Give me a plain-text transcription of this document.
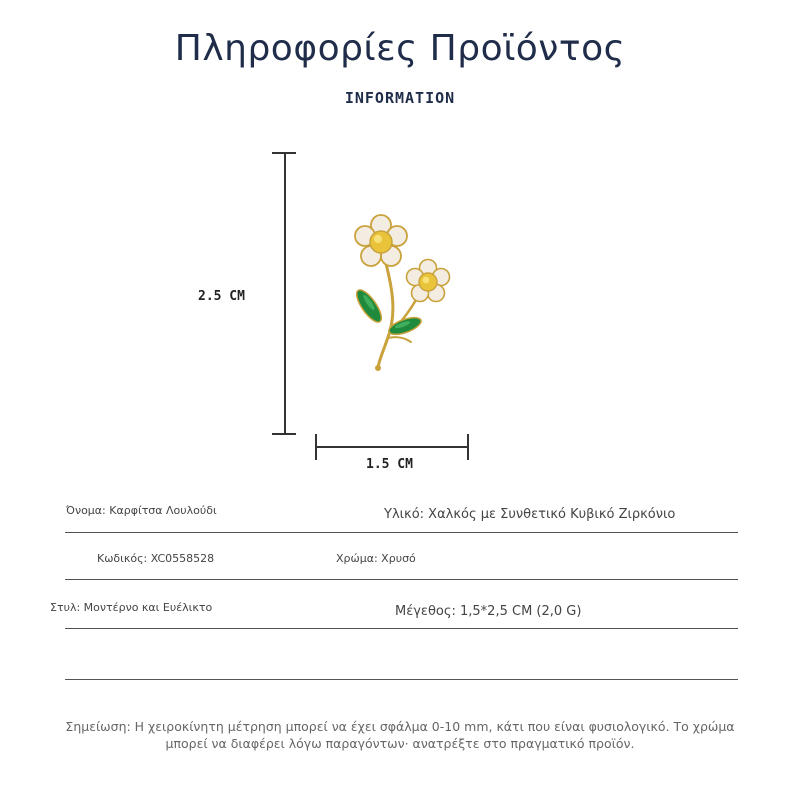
Πληροφορίες Προϊόντος
INFORMATION
2.5 CM
1.5 CM
Όνομα: Καρφίτσα Λουλούδι	Υλικό: Χαλκός με Συνθετικό Κυβικό Ζιρκόνιο
Κωδικός: XC0558528	Χρώμα: Χρυσό
Στυλ: Μοντέρνο και Ευέλικτο	Μέγεθος: 1,5*2,5 CM (2,0 G)
Σημείωση: Η χειροκίνητη μέτρηση μπορεί να έχει σφάλμα 0-10 mm, κάτι που είναι φυσιολογικό. Το χρώμα
μπορεί να διαφέρει λόγω παραγόντων· ανατρέξτε στο πραγματικό προϊόν.
